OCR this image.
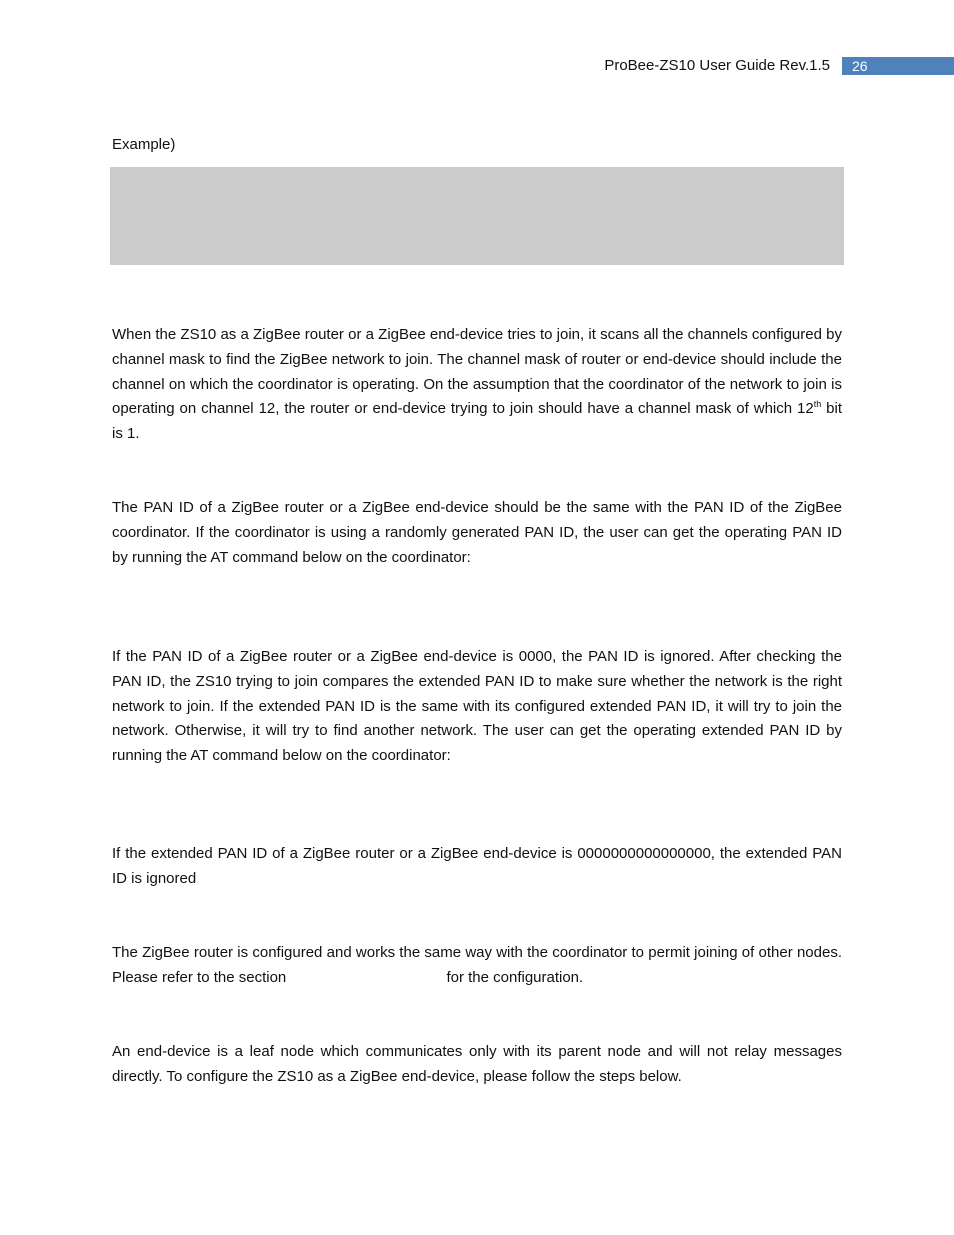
ProBee-ZS10 User Guide Rev.1.5	26
Example)

When the ZS10 as a ZigBee router or a ZigBee end-device tries to join, it scans all the channels configured by channel mask to find the ZigBee network to join. The channel mask of router or end-device should include the channel on which the coordinator is operating. On the assumption that the coordinator of the network to join is operating on channel 12, the router or end-device trying to join should have a channel mask of which 12th bit is 1.

The PAN ID of a ZigBee router or a ZigBee end-device should be the same with the PAN ID of the ZigBee coordinator. If the coordinator is using a randomly generated PAN ID, the user can get the operating PAN ID by running the AT command below on the coordinator:

If the PAN ID of a ZigBee router or a ZigBee end-device is 0000, the PAN ID is ignored. After checking the PAN ID, the ZS10 trying to join compares the extended PAN ID to make sure whether the network is the right network to join. If the extended PAN ID is the same with its configured extended PAN ID, it will try to join the network. Otherwise, it will try to find another network. The user can get the operating extended PAN ID by running the AT command below on the coordinator:

If the extended PAN ID of a ZigBee router or a ZigBee end-device is 0000000000000000, the extended PAN ID is ignored

The ZigBee router is configured and works the same way with the coordinator to permit joining of other nodes. Please refer to the section	for the configuration.

An end-device is a leaf node which communicates only with its parent node and will not relay messages directly. To configure the ZS10 as a ZigBee end-device, please follow the steps below.
